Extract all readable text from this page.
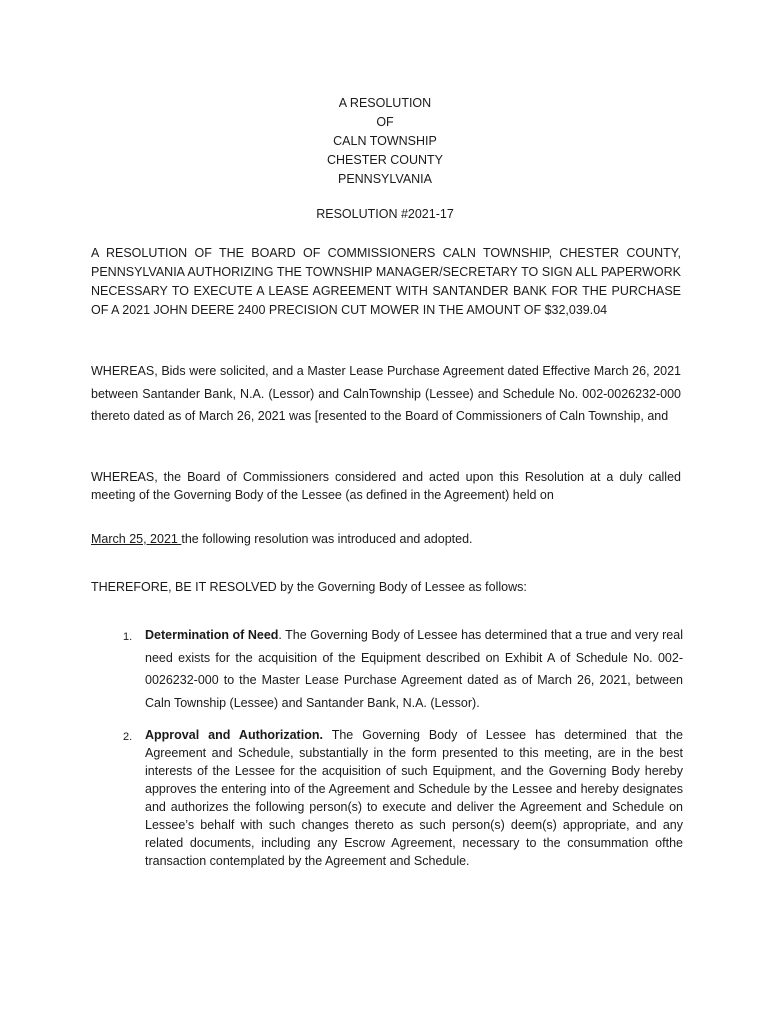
A RESOLUTION
OF
CALN TOWNSHIP
CHESTER COUNTY
PENNSYLVANIA
RESOLUTION #2021-17
A RESOLUTION OF THE BOARD OF COMMISSIONERS CALN TOWNSHIP, CHESTER COUNTY, PENNSYLVANIA AUTHORIZING THE TOWNSHIP MANAGER/SECRETARY TO SIGN ALL PAPERWORK NECESSARY TO EXECUTE A LEASE AGREEMENT WITH SANTANDER BANK FOR THE PURCHASE OF A 2021 JOHN DEERE 2400 PRECISION CUT MOWER IN THE AMOUNT OF $32,039.04
WHEREAS, Bids were solicited, and a Master Lease Purchase Agreement dated Effective March 26, 2021 between Santander Bank, N.A. (Lessor) and CalnTownship (Lessee) and Schedule No. 002-0026232-000 thereto dated as of March 26, 2021 was [resented to the Board of Commissioners of Caln Township, and
WHEREAS, the Board of Commissioners considered and acted upon this Resolution at a duly called meeting of the Governing Body of the Lessee (as defined in the Agreement) held on
March 25, 2021 the following resolution was introduced and adopted.
THEREFORE, BE IT RESOLVED by the Governing Body of Lessee as follows:
1.	Determination of Need. The Governing Body of Lessee has determined that a true and very real need exists for the acquisition of the Equipment described on Exhibit A of Schedule No. 002-0026232-000 to the Master Lease Purchase Agreement dated as of March 26, 2021, between Caln Township (Lessee) and Santander Bank, N.A. (Lessor).
2.	Approval and Authorization. The Governing Body of Lessee has determined that the Agreement and Schedule, substantially in the form presented to this meeting, are in the best interests of the Lessee for the acquisition of such Equipment, and the Governing Body hereby approves the entering into of the Agreement and Schedule by the Lessee and hereby designates and authorizes the following person(s) to execute and deliver the Agreement and Schedule on Lessee’s behalf with such changes thereto as such person(s) deem(s) appropriate, and any related documents, including any Escrow Agreement, necessary to the consummation ofthe transaction contemplated by the Agreement and Schedule.
